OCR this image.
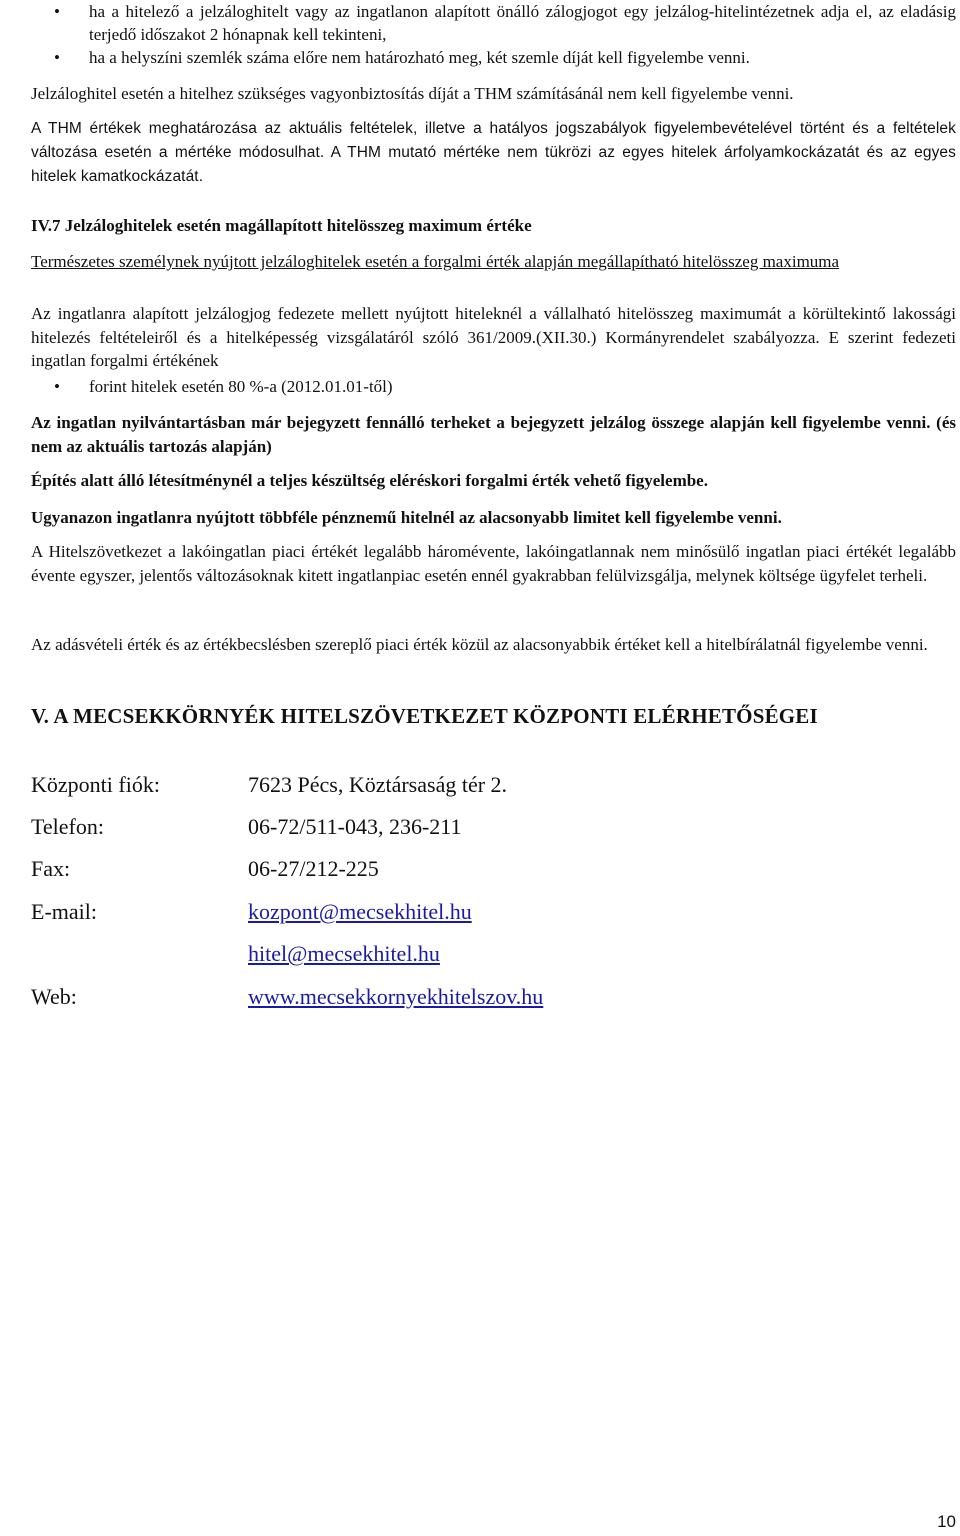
• ha a hitelező a jelzáloghitelt vagy az ingatlanon alapított önálló zálogjogot egy jelzálog-hitelintézetnek adja el, az eladásig terjedő időszakot 2 hónapnak kell tekinteni,
• ha a helyszíni szemlék száma előre nem határozható meg, két szemle díját kell figyelembe venni.

Jelzáloghitel esetén a hitelhez szükséges vagyonbiztosítás díját a THM számításánál nem kell figyelembe venni.

A THM értékek meghatározása az aktuális feltételek, illetve a hatályos jogszabályok figyelembevételével történt és a feltételek változása esetén a mértéke módosulhat. A THM mutató mértéke nem tükrözi az egyes hitelek árfolyamkockázatát és az egyes hitelek kamatkockázatát.

IV.7 Jelzáloghitelek esetén magállapított hitelösszeg maximum értéke

Természetes személynek nyújtott jelzáloghitelek esetén a forgalmi érték alapján megállapítható hitelösszeg maximuma

Az ingatlanra alapított jelzálogjog fedezete mellett nyújtott hiteleknél a vállalható hitelösszeg maximumát a körültekintő lakossági hitelezés feltételeiről és a hitelképesség vizsgálatáról szóló 361/2009.(XII.30.) Kormányrendelet szabályozza. E szerint fedezeti ingatlan forgalmi értékének

• forint hitelek esetén 80 %-a (2012.01.01-től)

Az ingatlan nyilvántartásban már bejegyzett fennálló terheket a bejegyzett jelzálog összege alapján kell figyelembe venni. (és nem az aktuális tartozás alapján)

Építés alatt álló létesítménynél a teljes készültség eléréskori forgalmi érték vehető figyelembe.

Ugyanazon ingatlanra nyújtott többféle pénznemű hitelnél az alacsonyabb limitet kell figyelembe venni.

A Hitelszövetkezet a lakóingatlan piaci értékét legalább háromévente, lakóingatlannak nem minősülő ingatlan piaci értékét legalább évente egyszer, jelentős változásoknak kitett ingatlanpiac esetén ennél gyakrabban felülvizsgálja, melynek költsége ügyfelet terheli.

Az adásvételi érték és az értékbecslésben szereplő piaci érték közül az alacsonyabbik értéket kell a hitelbírálatnál figyelembe venni.

V. A MECSEKKÖRNYÉK HITELSZÖVETKEZET KÖZPONTI ELÉRHETŐSÉGEI
Központi fiók:	7623 Pécs, Köztársaság tér 2.
Telefon:	06-72/511-043, 236-211
Fax:	06-27/212-225
E-mail:	kozpont@mecsekhitel.hu
hitel@mecsekhitel.hu
Web:	www.mecsekkornyekhitelszov.hu
10
